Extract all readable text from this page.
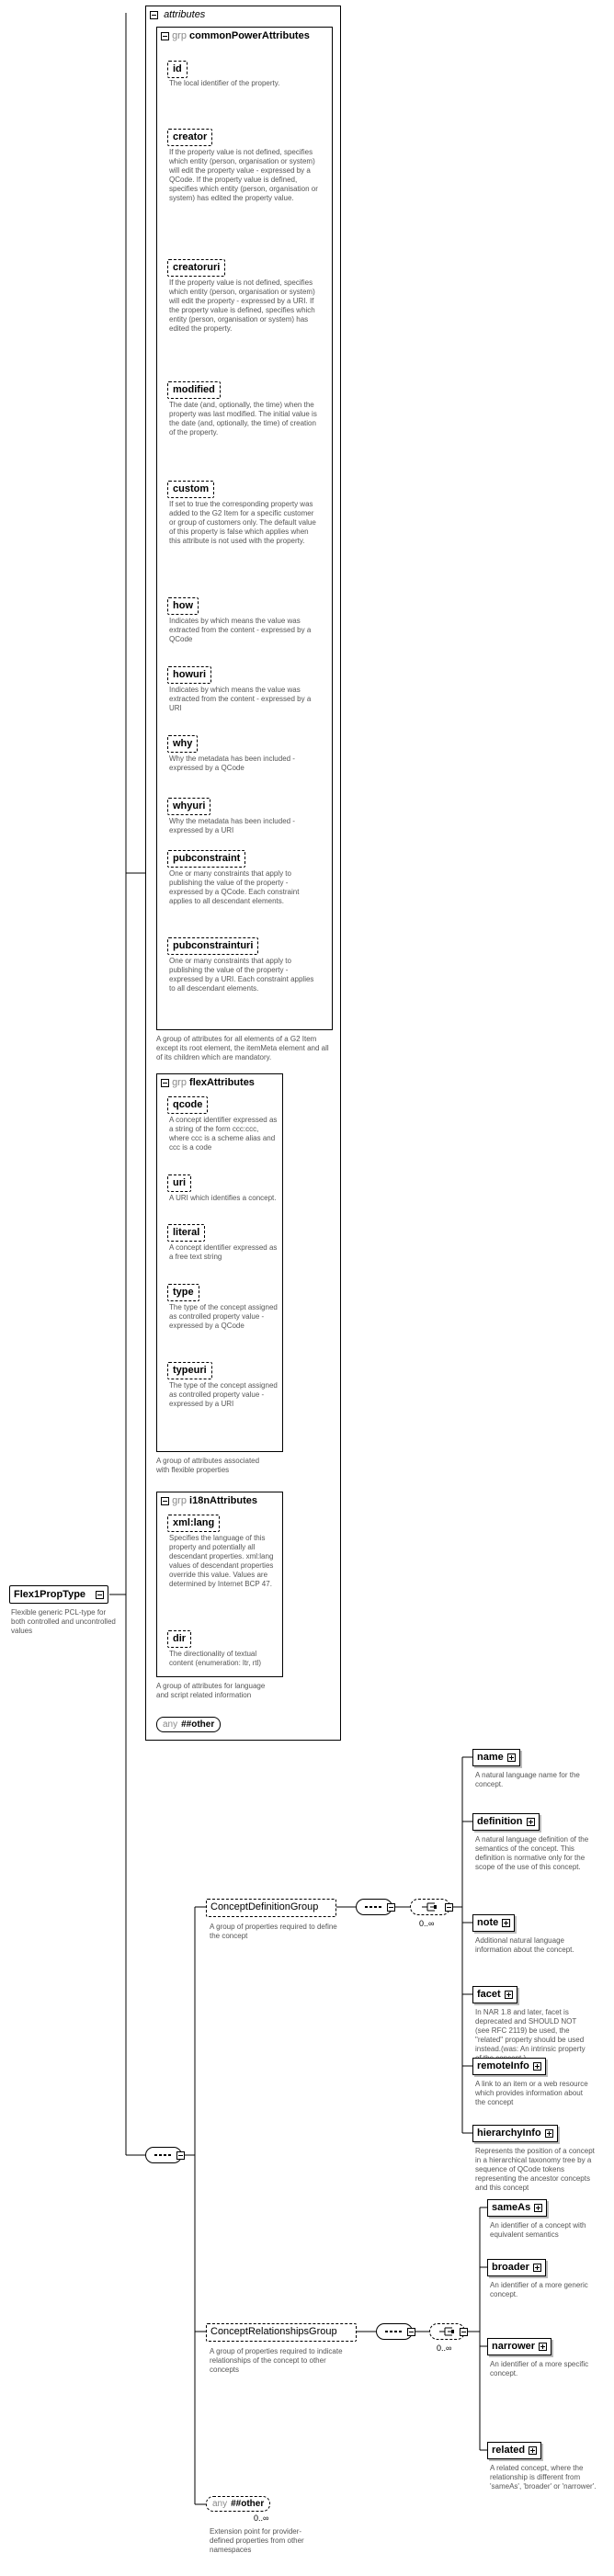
Flex1PropType
Flexible generic PCL-type for both controlled and uncontrolled values
attributes
grp commonPowerAttributes
id
The local identifier of the property.
creator
If the property value is not defined, specifies which entity (person, organisation or system) will edit the property value - expressed by a QCode. If the property value is defined, specifies which entity (person, organisation or system) has edited the property value.
creatoruri
If the property value is not defined, specifies which entity (person, organisation or system) will edit the property - expressed by a URI. If the property value is defined, specifies which entity (person, organisation or system) has edited the property.
modified
The date (and, optionally, the time) when the property was last modified. The initial value is the date (and, optionally, the time) of creation of the property.
custom
If set to true the corresponding property was added to the G2 Item for a specific customer or group of customers only. The default value of this property is false which applies when this attribute is not used with the property.
how
Indicates by which means the value was extracted from the content - expressed by a QCode
howuri
Indicates by which means the value was extracted from the content - expressed by a URI
why
Why the metadata has been included - expressed by a QCode
whyuri
Why the metadata has been included - expressed by a URI
pubconstraint
One or many constraints that apply to publishing the value of the property - expressed by a QCode. Each constraint applies to all descendant elements.
pubconstrainturi
One or many constraints that apply to publishing the value of the property - expressed by a URI. Each constraint applies to all descendant elements.
A group of attributes for all elements of a G2 Item except its root element, the itemMeta element and all of its children which are mandatory.
grp flexAttributes
qcode
A concept identifier expressed as a string of the form ccc:ccc, where ccc is a scheme alias and ccc is a code
uri
A URI which identifies a concept.
literal
A concept identifier expressed as a free text string
type
The type of the concept assigned as controlled property value - expressed by a QCode
typeuri
The type of the concept assigned as controlled property value - expressed by a URI
A group of attributes associated with flexible properties
grp i18nAttributes
xml:lang
Specifies the language of this property and potentially all descendant properties. xml:lang values of descendant properties override this value. Values are determined by Internet BCP 47.
dir
The directionality of textual content (enumeration: ltr, rtl)
A group of attributes for language and script related information
any ##other
ConceptDefinitionGroup
A group of properties required to define the concept
0..∞
name
A natural language name for the concept.
definition
A natural language definition of the semantics of the concept. This definition is normative only for the scope of the use of this concept.
note
Additional natural language information about the concept.
facet
In NAR 1.8 and later, facet is deprecated and SHOULD NOT (see RFC 2119) be used, the "related" property should be used instead.(was: An intrinsic property
remoteInfo
A link to an item or a web resource which provides information about the concept
hierarchyInfo
Represents the position of a concept in a hierarchical taxonomy tree by a sequence of QCode tokens representing the ancestor concepts and this concept
ConceptRelationshipsGroup
A group of properties required to indicate relationships of the concept to other concepts
0..∞
sameAs
An identifier of a concept with equivalent semantics
broader
An identifier of a more generic concept.
narrower
An identifier of a more specific concept.
related
A related concept, where the relationship is different from 'sameAs', 'broader' or 'narrower'.
any ##other
0..∞
Extension point for provider-defined properties from other namespaces
